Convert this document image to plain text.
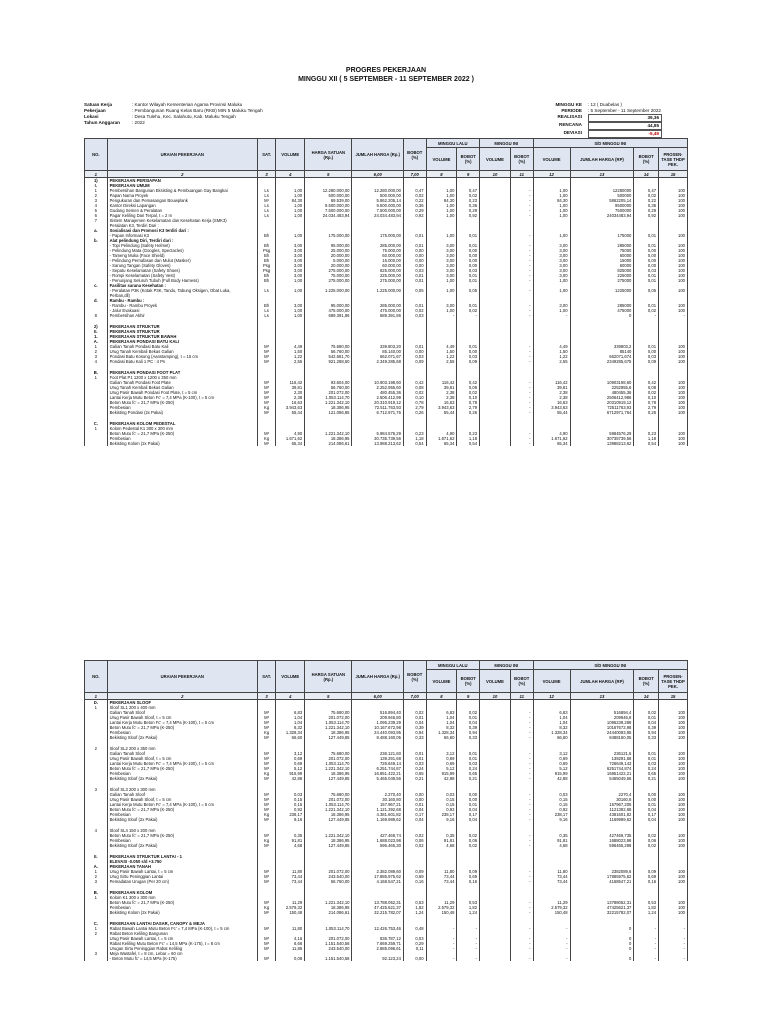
PROGRES PEKERJAAN
MINGGU XII ( 5 SEPTEMBER - 11 SEPTEMBER 2022 )
Satuan Kerja	: Kantor Wilayah Kementerian Agama Provinsi Maluku
Pekerjaan	: Pembangunan Ruang Kelas Baru (RKB) MIN 5 Maluku Tengah
Lokasi	: Desa Tulehu, Kec. Salahutu, Kab. Maluku Tengah
Tahun Anggaran	: 2022
MINGGU KE	: 12 ( Duabelas )
PERIODE	: 5 September - 11 September 2022
REALISASI	39,36
RENCANA	44,85
DEVIASI	-5,49
NO.	URAIAN PEKERJAAN	SAT.	VOLUME	HARGA SATUAN (Rp.)	JUMLAH HARGA (Rp.)	BOBOT (%)	MINGGU LALU		MINGGU INI		S/D MINGGU INI			
							VOLUME	BOBOT (%)	VOLUME	BOBOT (%)	VOLUME	JUMLAH HARGA (RP)	BOBOT (%)	PROSEN-TASE THDP PEK.
1	2	3	4	5	6,00	7,00	8	9	10	11	12	13	14	15
1)	PEKERJAAN PERSIAPAN													
I.	PEKERJAAN UMUM													
1	Pembersihan Bangunan Eksisting & Pembuangan Gay Bangkai	Ls	1,00	12.280.000,00	12.280.000,00	0,47	1,00	0,47		-	1,00	12280000	0,47	100
2	Papan Nama Proyek	Ls	1,00	500.000,00	500.000,00	0,02	1,00	0,02		-	1,00	500000	0,02	100
3	Pengukuran dan Pemasangan Bouwplank	M¹	84,30	69.539,00	5.862.205,14	0,22	84,30	0,23		-	84,30	5862205,14	0,22	100
4	Kantor Direksi Lapangan	Ls	1,00	9.500.000,00	9.500.000,00	0,36	1,00	0,36		-	1,00	9500000	0,36	100
5	Gudang Semen & Peralatan	Ls	1,00	7.500.000,00	7.500.000,00	0,29	1,00	0,29		-	1,00	7500000	0,29	100
6	Pagar Keliling Dari Terpal, t = 2 m	Ls	1,00	24.034.483,94	24.034.483,94	0,92	1,00	0,92		-	1,00	24034483,94	0,92	100
7	Sistem Manajemen Keselamatan dan Kesehatan Kerja (SMK3)													
	Peralatan K3, Terdiri Dari :													
a.	Sosialisasi dan Promosi K3 terdiri dari :													
	- Papan Informasi K3	Bh	1,00	175.000,00	175.000,00	0,01	1,00	0,01		-	1,00	175000	0,01	100
b.	Alat pelindung Diri, Terdiri dari :													
	- Topi Pelindung (Safety Helmet)	Bh	3,00	95.000,00	285.000,00	0,01	3,00	0,01		-	3,00	285000	0,01	100
	- Pelindung Mata (Googles, Spectacles)	Psg	3,00	25.000,00	75.000,00	0,00	3,00	0,00		-	3,00	75000	0,00	100
	- Tameng Muka (Face Shield)	Bh	3,00	20.000,00	60.000,00	0,00	3,00	0,00		-	3,00	60000	0,00	100
	- Pelindung Pernafasan dan Mulut (Masker)	Bh	3,00	5.000,00	15.000,00	0,00	3,00	0,00		-	3,00	15000	0,00	100
	- Sarung Tangan (Safety Gloves)	Psg	3,00	20.000,00	60.000,00	0,00	3,00	0,00		-	3,00	60000	0,00	100
	- Sepatu Keselamatan (Safety Shoes)	Psg	3,00	275.000,00	825.000,00	0,03	3,00	0,03		-	3,00	825000	0,03	100
	- Rompi Keselamatan (Safety Vest)	Bh	3,00	75.000,00	225.000,00	0,01	3,00	0,01		-	3,00	225000	0,01	100
	- Penunjang Seluruh Tubuh (Full Body Harness)	Bh	1,00	275.000,00	275.000,00	0,01	1,00	0,01		-	1,00	275000	0,01	100
c.	Fasilitas sarana Kesehatan :													
	- Peralatan P3K (Kotak P3K, Tandu, Tabung Oksigen, Obat Luka,	Ls	1,00	1.225.000,00	1.225.000,00	0,05	1,00	0,05		-	1,00	1225000	0,05	100
	Perban,dll)													
d.	Rambu - Rambu :													
	- Rambu - Rambu Proyek	Bh	3,00	95.000,00	285.000,00	0,01	3,00	0,01		-	3,00	285000	0,01	100
	- Jalur Evakuasi	Ls	1,00	475.000,00	475.000,00	0,02	1,00	0,02		-	1,00	475000	0,02	100
8	Pembersihan Akhir	Ls	1,00	689.391,86	689.391,86	0,03	-	-		-	-	0	-	-

2)	PEKERJAAN STRUKTUR													
II.	PEKERJAAN STRUKTUR													
1.	PEKERJAAN STRUKTUR BAWAH													
A.	PEKERJAAN PONDASI BATU KALI													
1	Galian Tanah Pondasi Batu Kali	M³	4,49	75.680,00	339.803,20	0,01	4,49	0,01		-	4,49	339803,2	0,01	100
2	Urug Tanah Kembali Bekas Galian	M³	1,50	56.760,00	85.140,00	0,00	1,50	0,00		-	1,50	85140	0,00	100
3	Pondasi Batu Kosong (Aanstamping), t = 15 cm	M³	1,22	542.681,70	662.071,67	0,03	1,22	0,03		-	1,22	662071,674	0,03	100
4	Pondasi Batu Kali 1 PC : 4 Ps	M³	2,55	921.288,50	2.349.285,68	0,09	2,55	0,09		-	2,55	2349285,675	0,09	100

B.	PEKERJAAN PONDASI FOOT PLAT													
1	Foot Plat P1 1200 x 1200 x 350 mm													
	Galian Tanah Pondasi Foot Plate	M³	116,42	93.604,00	10.903.198,60	0,42	116,42	0,42		-	116,42	10903198,60	0,42	100
	Urug Tanah Kembali Bekas Galian	M³	39,81	56.760,00	2.252.955,60	0,08	39,81	0,09		-	39,81	2252955,6	0,08	100
	Urug Pasir Bawah Pondasi Foot Plate, t = 5 cm	M³	2,30	201.072,00	480.455,36	0,02	2,38	0,02		-	2,38	480455,36	0,02	100
	Lantai Kerja Mutu Beton Fc' = 7,4 MPa (K-100), t = 5 cm	M³	2,38	1.053.114,70	2.506.412,99	0,10	2,38	0,10		-	2,38	2506412,986	0,10	100
	Beton Mutu fc' = 21,7 MPa (K-250)	M³	16,63	1.221.342,10	20.310.919,12	0,78	16,63	0,78		-	16,63	20310919,12	0,78	100
	Pembesian	Kg	3.943,63	18.386,95	72.511.763,93	2,79	3.943,63	2,79		-	3.943,63	72511763,93	2,79	100
	Bekisting Pondasi (2x Pakai)	M²	55,44	121.086,85	6.712.971,76	0,26	55,44	0,26		-	55,44	6712971,764	0,26	100

C.	PEKERJAAN KOLOM PEDESTAL													
1	Kolom Pedestal K1 300 x 300 mm													
	Beton Mutu fc' = 21,7 MPa (K-250)	M³	4,90	1.221.342,10	5.984.576,29	0,23	4,90	0,23		-	4,90	5984576,29	0,23	100
	Pembesian	Kg	1.671,62	18.386,95	30.735.739,56	1,18	1.671,62	1,18		-	1.671,62	30735739,56	1,18	100
	Bekisting Kolom (2x Pakai)	M²	65,34	214.086,61	13.988.213,62	0,54	65,34	0,54		-	65,34	13988213,62	0,54	100
NO.	URAIAN PEKERJAAN	SAT.	VOLUME	HARGA SATUAN (Rp.)	JUMLAH HARGA (Rp.)	BOBOT (%)	MINGGU LALU		MINGGU INI		S/D MINGGU INI			
							VOLUME	BOBOT (%)	VOLUME	BOBOT (%)	VOLUME	JUMLAH HARGA (RP)	BOBOT (%)	PROSEN-TASE THDP PEK.
1	2	3	4	5	6,00	7,00	8	9	10	11	12	13	14	15
D.	PEKERJAAN SLOOF													
1	Sloof SL1 200 x 400 mm													
	Galian Tanah Sloof	M³	6,83	75.680,00	516.894,40	0,02	6,83	0,02		-	6,83	516894,4	0,02	100
	Urug Pasir Bawah Sloof, t = 5 cm	M³	1,04	201.072,00	209.946,80	0,01	1,04	0,01		-	1,04	209946,8	0,01	100
	Lantai Kerja Mutu Beton Fc' = 7,4 MPa (K-100), t = 5 cm	M³	1,04	1.053.114,70	1.095.239,29	0,04	1,04	0,04		-	1,04	1095239,288	0,04	100
	Beton Mutu fc' = 21,7 MPa (K-250)	M³	8,32	1.221.342,10	10.167.672,98	0,39	8,32	0,39		-	8,32	10167672,98	0,39	100
	Pembesian	Kg	1.328,34	18.386,95	24.440.093,95	0,94	1.328,34	0,94		-	1.328,34	24440093,95	0,94	100
	Bekisting Sloof (2x Pakai)	M²	66,60	127.449,85	8.488.160,05	0,33	66,60	0,33		-	66,60	8488160,05	0,33	100

2	Sloof SL2 200 x 350 mm													
	Galian Tanah Sloof	M³	3,12	75.680,00	236.121,60	0,01	3,12	0,01		-	3,12	236121,6	0,01	100
	Urug Pasir Bawah Sloof, t = 5 cm	M³	0,69	201.072,00	139.291,68	0,01	0,69	0,01		-	0,69	139291,68	0,01	100
	Lantai Kerja Mutu Beton Fc' = 7,4 MPa (K-100), t = 5 cm	M³	0,69	1.053.114,70	726.649,14	0,03	0,69	0,03		-	0,69	726649,143	0,03	100
	Beton Mutu fc' = 21,7 MPa (K-250)	M³	5,12	1.221.342,10	6.251.744,87	0,24	5,12	0,24		-	5,12	6251744,874	0,24	100
	Pembesian	Kg	915,99	18.386,95	16.851.422,21	0,65	915,99	0,65		-	915,99	16851422,21	0,65	100
	Bekisting Sloof (2x Pakai)	M²	42,88	127.449,85	5.465.049,56	0,21	42,88	0,21		-	42,88	5465049,56	0,21	100

3	Sloof SL3 200 x 300 mm													
	Galian Tanah Sloof	M³	0,03	75.680,00	2.270,40	0,00	0,03	0,00		-	0,03	2270,4	0,00	100
	Urug Pasir Bawah Sloof, t = 5 cm	M³	0,15	201.072,00	30.160,80	0,00	0,15	0,00		-	0,15	30160,8	0,00	100
	Lantai Kerja Mutu Beton Fc' = 7,4 MPa (K-100), t = 5 cm	M³	0,15	1.053.114,70	157.967,21	0,01	0,15	0,01		-	0,15	157967,205	0,01	100
	Beton Mutu fc' = 21,7 MPa (K-250)	M³	0,92	1.221.342,10	1.121.392,68	0,04	0,92	0,04		-	0,92	1121392,68	0,04	100
	Pembesian	Kg	238,17	18.386,95	4.381.601,82	0,17	238,17	0,17		-	238,17	4381601,82	0,17	100
	Bekisting Sloof (2x Pakai)	M²	9,16	127.449,85	1.169.989,62	0,04	9,16	0,04		-	9,16	1169989,62	0,04	100

4	Sloof SL4 150 x 200 mm													
	Beton Mutu fc' = 21,7 MPa (K-250)	M³	0,35	1.221.342,10	427.469,74	0,02	0,35	0,02		-	0,35	427469,735	0,02	100
	Pembesian	Kg	91,81	18.386,95	1.688.023,98	0,06	91,81	0,06		-	91,81	1688023,98	0,06	100
	Bekisting Sloof (2x Pakai)	M²	4,68	127.449,85	596.465,30	0,02	4,68	0,02		-	4,68	596465,298	0,02	100

II.	PEKERJAAN STRUKTUR LANTAI - 1													
	ELEVASI -0.050 s/d +3.750													
A.	PEKERJAAN TANAH													
1	Urug Pasir Bawah Lantai, t = 5 cm	M³	11,80	201.072,00	2.382.089,60	0,09	11,80	0,09		-	11,80	2382089,6	0,09	100
2	Urug Sirtu Peninggian Lantai	M³	73,44	243.540,00	17.885.975,62	0,69	73,44	0,69		-	73,44	17885975,62	0,69	100
3	Pemadatan Urugan (Per 20 cm)	M³	73,44	56.760,00	4.168.547,21	0,16	73,44	0,16		-	73,44	4168547,21	0,16	100

B.	PEKERJAAN KOLOM													
1	Kolom K1 300 x 300 mm													
	Beton Mutu fc' = 21,7 MPa (K-250)	M³	11,29	1.221.342,10	13.788.052,31	0,53	11,29	0,53		-	11,29	13788052,31	0,53	100
	Pembesian	Kg	2.579,32	18.386,95	47.425.621,37	1,82	2.579,32	1,82		-	2.579,32	47425621,37	1,82	100
	Bekisting Kolom (2x Pakai)	M²	150,48	214.086,61	32.215.782,07	1,24	150,48	1,24		-	150,48	32215782,07	1,24	100

C.	PEKERJAAN LANTAI DASAR, CANOPY & MEJA													
1	Rabat Bawah Lantai Mutu Beton Fc' = 7,4 MPa (K-100), t = 5 cm	M³	11,80	1.053.114,70	12.426.753,46	0,48	-	-		-	-	0	-	-
2	Rabat Beton Keliling Bangunan													
	Urug Pasir Bawah Lantai, t = 5 cm	M³	4,16	201.072,00	836.787,12	0,03	-	-		-	-	0	-	-
	Rabat Keliling Mutu Beton Fc' = 14,5 MPa (K-175), t = 8 cm	M³	6,66	1.151.540,58	7.669.259,71	0,29	-	-		-	-	0	-	-
	Urugan Sirtu Peninggian Rabat Keliling	M³	11,85	243.540,00	2.885.096,61	0,11	-	-		-	-	0	-	-
3	Meja Wastafel, t = 8 cm, Lebar = 60 cm													
	- Beton Mutu fc' = 14,5 MPa (K-175)	M³	0,08	1.151.540,58	92.123,24	0,00	-	-		-	-	0	-	-
